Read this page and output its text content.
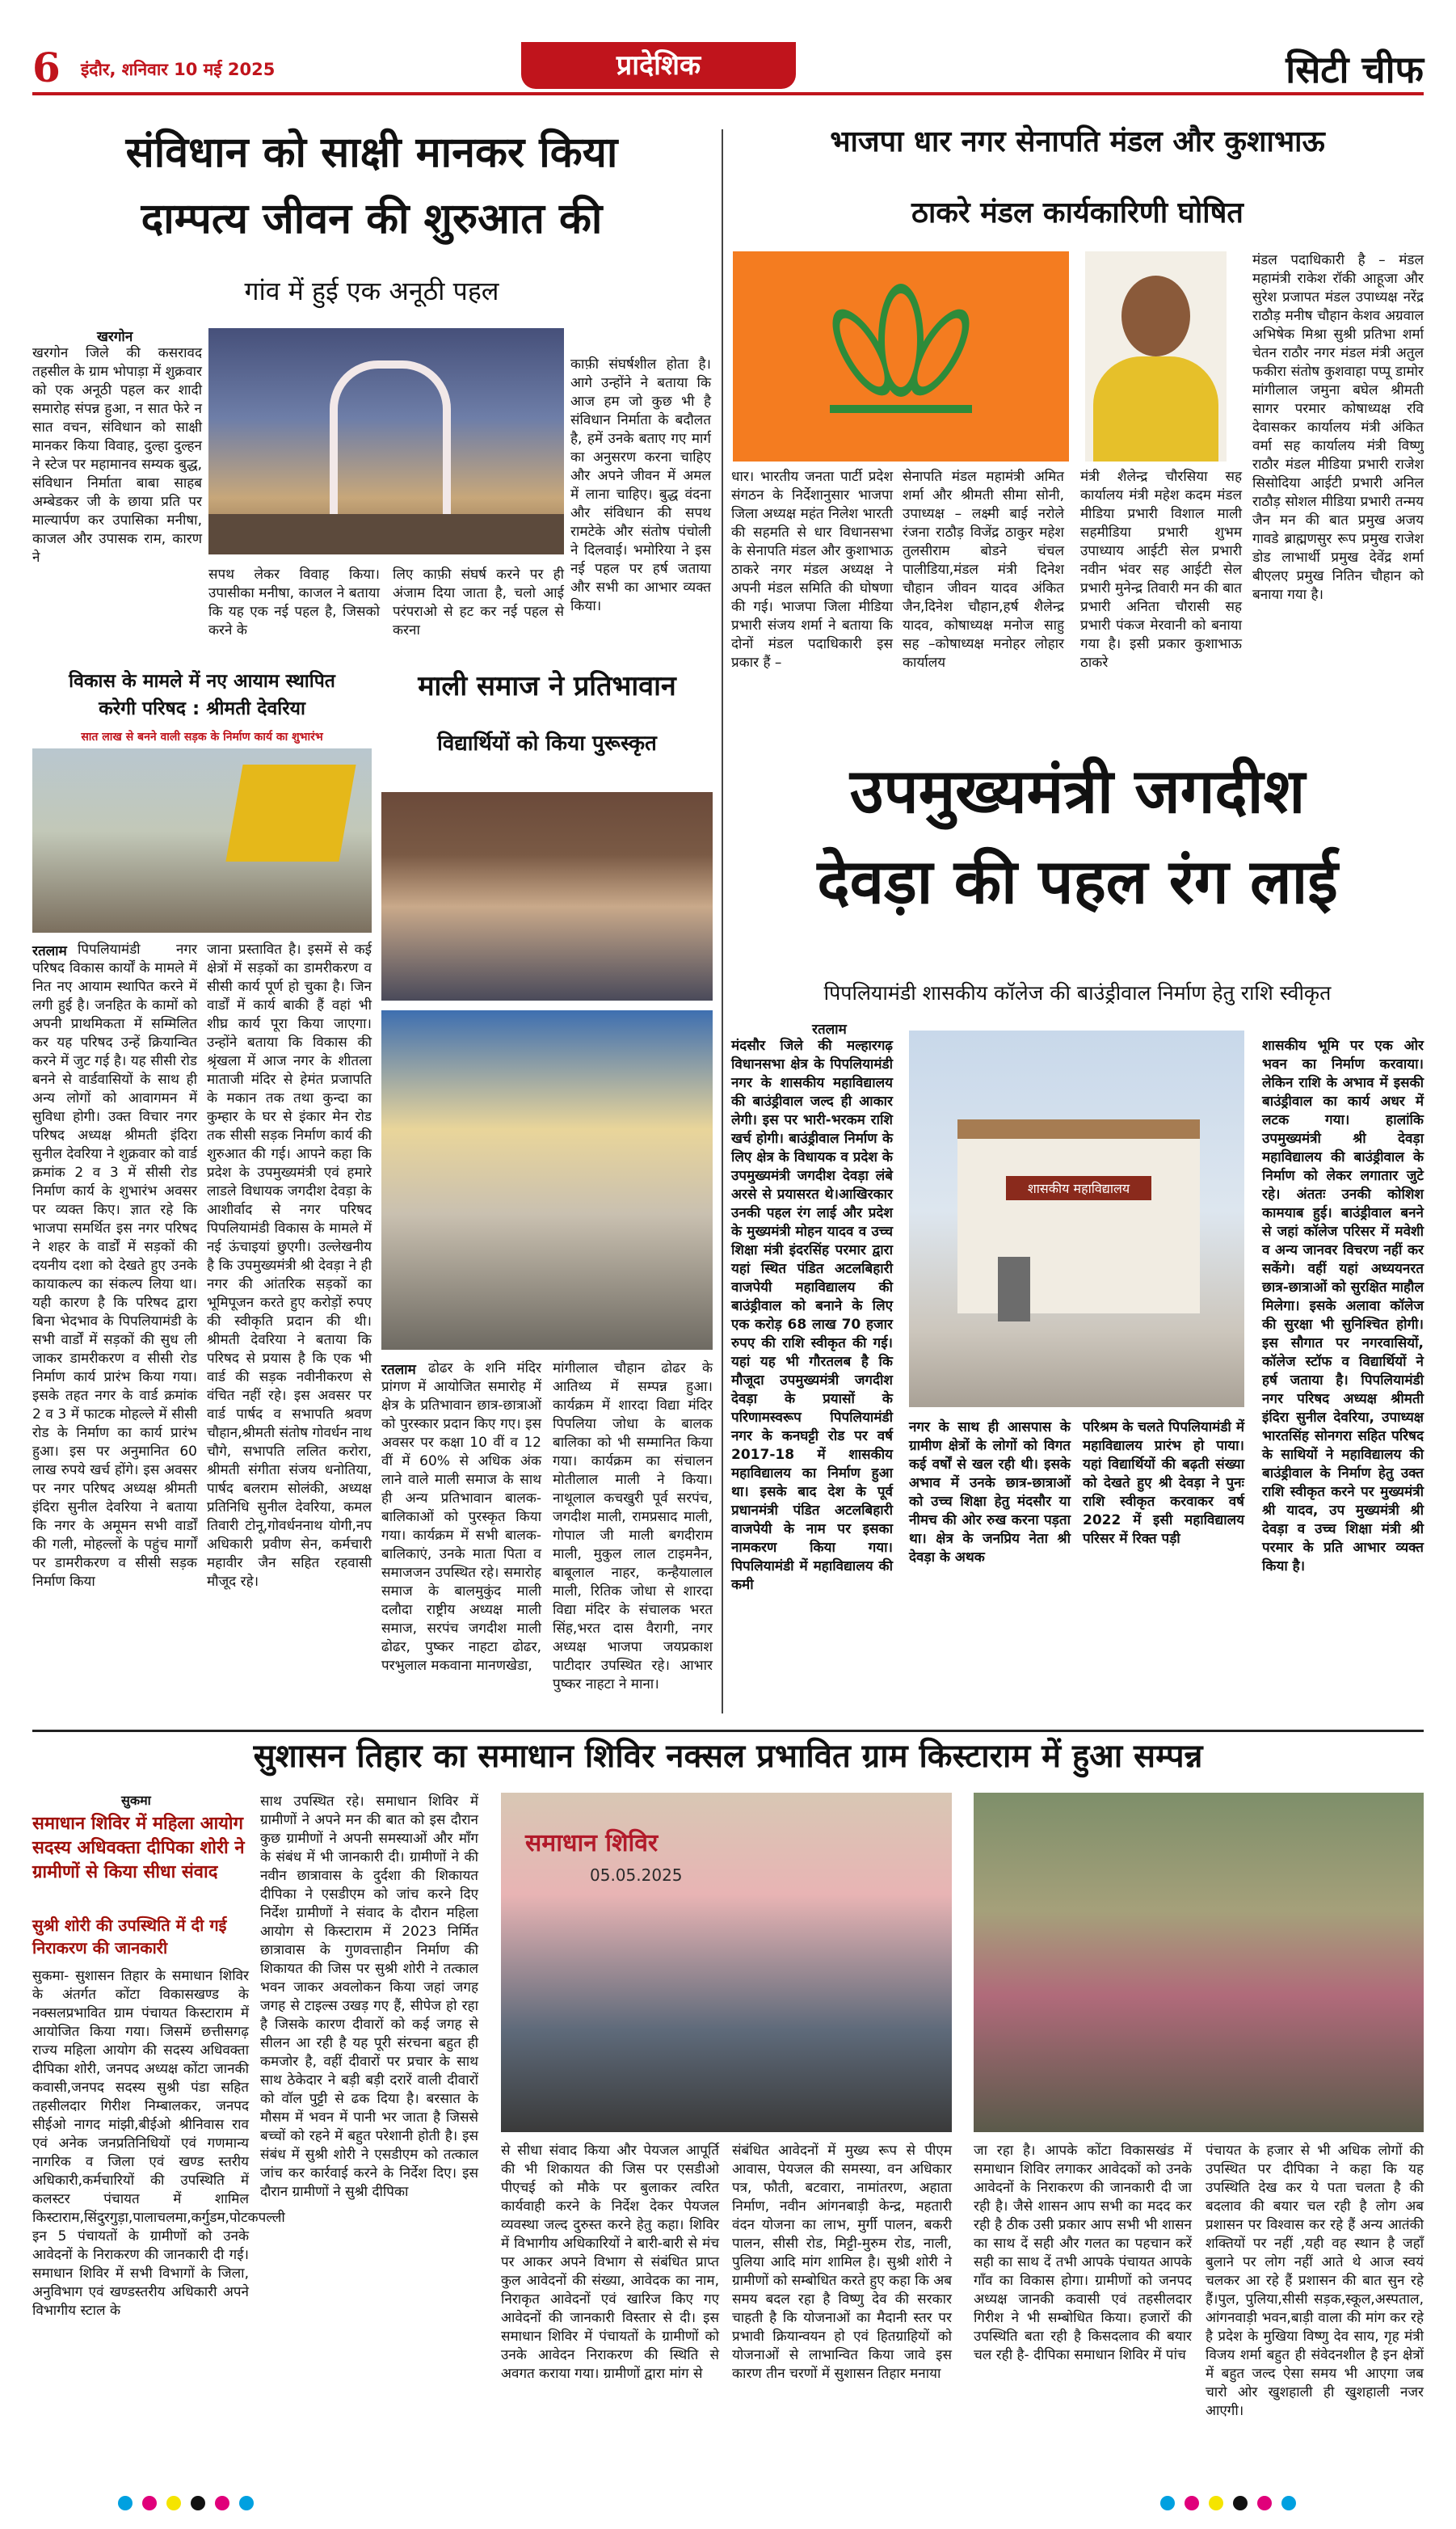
6 इंदौर, शनिवार 10 मई 2025	प्रादेशिक	सिटी चीफ
संविधान को साक्षी मानकर किया
दाम्पत्य जीवन की शुरुआत की
गांव में हुई एक अनूठी पहल
खरगोन
खरगोन जिले की कसरावद तहसील के ग्राम भोपाड़ा में शुक्रवार को एक अनूठी पहल कर शादी समारोह संपन्न हुआ, न सात फेरे न सात वचन, संविधान को साक्षी मानकर किया विवाह, दुल्हा दुल्हन ने स्टेज पर महामानव सम्यक बुद्ध, संविधान निर्माता बाबा साहब अम्बेडकर जी के छाया प्रति पर माल्यार्पण कर उपासिका मनीषा, काजल और उपासक राम, कारण ने
सपथ लेकर विवाह किया। उपासीका मनीषा, काजल ने बताया कि यह एक नई पहल है, जिसको करने के
लिए काफ़ी संघर्ष करने पर ही अंजाम दिया जाता है, चलो आई परंपराओ से हट कर नई पहल से करना
काफ़ी संघर्षशील होता है। आगे उन्होंने ने बताया कि आज हम जो कुछ भी है संविधान निर्माता के बदौलत है, हमें उनके बताए गए मार्ग का अनुसरण करना चाहिए और अपने जीवन में अमल में लाना चाहिए। बुद्ध वंदना और संविधान की सपथ रामटेके और संतोष पंचोली ने दिलवाई। भमोरिया ने इस नई पहल पर हर्ष जताया और सभी का आभार व्यक्त किया।
भाजपा धार नगर सेनापति मंडल और कुशाभाऊ
ठाकरे मंडल कार्यकारिणी घोषित
धार। भारतीय जनता पार्टी प्रदेश संगठन के निर्देशानुसार भाजपा जिला अध्यक्ष महंत निलेश भारती की सहमति से धार विधानसभा के सेनापति मंडल और कुशाभाऊ ठाकरे नगर मंडल अध्यक्ष ने अपनी मंडल समिति की घोषणा की गई। भाजपा जिला मीडिया प्रभारी संजय शर्मा ने बताया कि दोनों मंडल पदाधिकारी इस प्रकार हैं –
सेनापति मंडल महामंत्री अमित शर्मा और श्रीमती सीमा सोनी, उपाध्यक्ष – लक्ष्मी बाई नरोले रंजना राठौड़ विजेंद्र ठाकुर महेश तुलसीराम बोडने चंचल पालीडिया,मंडल मंत्री दिनेश चौहान जीवन यादव अंकित जैन,दिनेश चौहान,हर्ष शैलेन्द्र यादव, कोषाध्यक्ष मनोज साहु सह –कोषाध्यक्ष मनोहर लोहार कार्यालय
मंत्री शैलेन्द्र चौरसिया सह कार्यालय मंत्री महेश कदम मंडल मीडिया प्रभारी विशाल माली सहमीडिया प्रभारी शुभम उपाध्याय आईटी सेल प्रभारी नवीन भंवर सह आईटी सेल प्रभारी मुनेन्द्र तिवारी मन की बात प्रभारी अनिता चौरासी सह प्रभारी पंकज मेरवानी को बनाया गया है। इसी प्रकार कुशाभाऊ ठाकरे
मंडल पदाधिकारी है – मंडल महामंत्री राकेश रॉकी आहूजा और सुरेश प्रजापत मंडल उपाध्यक्ष नरेंद्र राठौड़ मनीष चौहान केशव अग्रवाल अभिषेक मिश्रा सुश्री प्रतिभा शर्मा चेतन राठौर नगर मंडल मंत्री अतुल फकीरा संतोष कुशवाहा पप्पू डामोर मांगीलाल जमुना बघेल श्रीमती सागर परमार कोषाध्यक्ष रवि देवासकर कार्यालय मंत्री अंकित वर्मा सह कार्यालय मंत्री विष्णु राठौर मंडल मीडिया प्रभारी राजेश सिसोदिया आईटी प्रभारी अनिल राठौड़ सोशल मीडिया प्रभारी तन्मय जैन मन की बात प्रमुख अजय गावडे ब्राह्मणसुर रूप प्रमुख राजेश डोड लाभार्थी प्रमुख देवेंद्र शर्मा बीएलए प्रमुख नितिन चौहान को बनाया गया है।
विकास के मामले में नए आयाम स्थापित
करेगी परिषद : श्रीमती देवरिया
सात लाख से बनने वाली सड़क के निर्माण कार्य का शुभारंभ
रतलाम पिपलियामंडी नगर परिषद विकास कार्यों के मामले में नित नए आयाम स्थापित करने में लगी हुई है। जनहित के कामों को अपनी प्राथमिकता में सम्मिलित कर यह परिषद उन्हें क्रियान्वित करने में जुट गई है। यह सीसी रोड बनने से वार्डवासियों के साथ ही अन्य लोगों को आवागमन में सुविधा होगी। उक्त विचार नगर परिषद अध्यक्ष श्रीमती इंदिरा सुनील देवरिया ने शुक्रवार को वार्ड क्रमांक 2 व 3 में सीसी रोड निर्माण कार्य के शुभारंभ अवसर पर व्यक्त किए। ज्ञात रहे कि भाजपा समर्थित इस नगर परिषद ने शहर के वार्डों में सड़कों की दयनीय दशा को देखते हुए उनके कायाकल्प का संकल्प लिया था। यही कारण है कि परिषद द्वारा बिना भेदभाव के पिपलियामंडी के सभी वार्डों में सड़कों की सुध ली जाकर डामरीकरण व सीसी रोड निर्माण कार्य प्रारंभ किया गया। इसके तहत नगर के वार्ड क्रमांक 2 व 3 में फाटक मोहल्ले में सीसी रोड के निर्माण का कार्य प्रारंभ हुआ। इस पर अनुमानित 60 लाख रुपये खर्च होंगे। इस अवसर पर नगर परिषद अध्यक्ष श्रीमती इंदिरा सुनील देवरिया ने बताया कि नगर के अमूमन सभी वार्डों की गली, मोहल्लों के पहुंच मार्गों पर डामरीकरण व सीसी सड़क निर्माण किया
जाना प्रस्तावित है। इसमें से कई क्षेत्रों में सड़कों का डामरीकरण व सीसी कार्य पूर्ण हो चुका है। जिन वार्डों में कार्य बाकी हैं वहां भी शीघ्र कार्य पूरा किया जाएगा। उन्होंने बताया कि विकास की श्रृंखला में आज नगर के शीतला माताजी मंदिर से हेमंत प्रजापति के मकान तक तथा कुन्दा का कुम्हार के घर से इंकार मेन रोड तक सीसी सड़क निर्माण कार्य की शुरुआत की गई। आपने कहा कि प्रदेश के उपमुख्यमंत्री एवं हमारे लाडले विधायक जगदीश देवड़ा के आशीर्वाद से नगर परिषद पिपलियामंडी विकास के मामले में नई ऊंचाइयां छुएगी। उल्लेखनीय है कि उपमुख्यमंत्री श्री देवड़ा ने ही नगर की आंतरिक सड़कों का भूमिपूजन करते हुए करोड़ों रुपए की स्वीकृति प्रदान की थी। श्रीमती देवरिया ने बताया कि परिषद से प्रयास है कि एक भी वार्ड की सड़क नवीनीकरण से वंचित नहीं रहे। इस अवसर पर वार्ड पार्षद व सभापति श्रवण चौहान,श्रीमती संतोष गोवर्धन नाथ चौगे, सभापति ललित करोरा, श्रीमती संगीता संजय धनोतिया, पार्षद बलराम सोलंकी, अध्यक्ष प्रतिनिधि सुनील देवरिया, कमल तिवारी टोनू,गोवर्धननाथ योगी,नप अधिकारी प्रवीण सेन, कर्मचारी महावीर जैन सहित रहवासी मौजूद रहे।
माली समाज ने प्रतिभावान
विद्यार्थियों को किया पुरूस्कृत
रतलाम ढोढर के शनि मंदिर प्रांगण में आयोजित समारोह में क्षेत्र के प्रतिभावान छात्र-छात्राओं को पुरस्कार प्रदान किए गए। इस अवसर पर कक्षा 10 वीं व 12 वीं में 60% से अधिक अंक लाने वाले माली समाज के साथ ही अन्य प्रतिभावान बालक-बालिकाओं को पुरस्कृत किया गया। कार्यक्रम में सभी बालक-बालिकाएं, उनके माता पिता व समाजजन उपस्थित रहे। समारोह समाज के बालमुकुंद माली दलौदा राष्ट्रीय अध्यक्ष माली समाज, सरपंच जगदीश माली ढोढर, पुष्कर नाहटा ढोढर, परभुलाल मकवाना मानणखेडा,
मांगीलाल चौहान ढोढर के आतिथ्य में सम्पन्न हुआ। कार्यक्रम में शारदा विद्या मंदिर पिपलिया जोधा के बालक बालिका को भी सम्मानित किया गया। कार्यक्रम का संचालन मोतीलाल माली ने किया। नाथूलाल कचखुरी पूर्व सरपंच, जगदीश माली, रामप्रसाद माली, गोपाल जी माली बगदीराम माली, मुकुल लाल टाइमनैन, बाबूलाल नाहर, कन्हैयालाल माली, रितिक जोधा से शारदा विद्या मंदिर के संचालक भरत सिंह,भरत दास वैरागी, नगर अध्यक्ष भाजपा जयप्रकाश पाटीदार उपस्थित रहे। आभार पुष्कर नाहटा ने माना।
उपमुख्यमंत्री जगदीश
देवड़ा की पहल रंग लाई
पिपलियामंडी शासकीय कॉलेज की बाउंड्रीवाल निर्माण हेतु राशि स्वीकृत
रतलाम
मंदसौर जिले की मल्हारगढ़ विधानसभा क्षेत्र के पिपलियामंडी नगर के शासकीय महाविद्यालय की बाउंड्रीवाल जल्द ही आकार लेगी। इस पर भारी-भरकम राशि खर्च होगी। बाउंड्रीवाल निर्माण के लिए क्षेत्र के विधायक व प्रदेश के उपमुख्यमंत्री जगदीश देवड़ा लंबे अरसे से प्रयासरत थे।आखिरकार उनकी पहल रंग लाई और प्रदेश के मुख्यमंत्री मोहन यादव व उच्च शिक्षा मंत्री इंदरसिंह परमार द्वारा यहां स्थित पंडित अटलबिहारी वाजपेयी महाविद्यालय की बाउंड्रीवाल को बनाने के लिए एक करोड़ 68 लाख 70 हजार रुपए की राशि स्वीकृत की गई। यहां यह भी गौरतलब है कि मौजूदा उपमुख्यमंत्री जगदीश देवड़ा के प्रयासों के परिणामस्वरूप पिपलियामंडी नगर के कनघट्टी रोड पर वर्ष 2017-18 में शासकीय महाविद्यालय का निर्माण हुआ था। इसके बाद देश के पूर्व प्रधानमंत्री पंडित अटलबिहारी वाजपेयी के नाम पर इसका नामकरण किया गया। पिपलियामंडी में महाविद्यालय की कमी
शासकीय महाविद्यालय
नगर के साथ ही आसपास के ग्रामीण क्षेत्रों के लोगों को विगत कई वर्षों से खल रही थी। इसके अभाव में उनके छात्र-छात्राओं को उच्च शिक्षा हेतु मंदसौर या नीमच की ओर रुख करना पड़ता था। क्षेत्र के जनप्रिय नेता श्री देवड़ा के अथक
परिश्रम के चलते पिपलियामंडी में महाविद्यालय प्रारंभ हो पाया। यहां विद्यार्थियों की बढ़ती संख्या को देखते हुए श्री देवड़ा ने पुनः राशि स्वीकृत करवाकर वर्ष 2022 में इसी महाविद्यालय परिसर में रिक्त पड़ी
शासकीय भूमि पर एक ओर भवन का निर्माण करवाया। लेकिन राशि के अभाव में इसकी बाउंड्रीवाल का कार्य अधर में लटक गया। हालांकि उपमुख्यमंत्री श्री देवड़ा महाविद्यालय की बाउंड्रीवाल के निर्माण को लेकर लगातार जुटे रहे। अंततः उनकी कोशिश कामयाब हुई। बाउंड्रीवाल बनने से जहां कॉलेज परिसर में मवेशी व अन्य जानवर विचरण नहीं कर सकेंगे। वहीं यहां अध्ययनरत छात्र-छात्राओं को सुरक्षित माहौल मिलेगा। इसके अलावा कॉलेज की सुरक्षा भी सुनिश्चित होगी। इस सौगात पर नगरवासियों, कॉलेज स्टॉफ व विद्यार्थियों ने हर्ष जताया है। पिपलियामंडी नगर परिषद अध्यक्ष श्रीमती इंदिरा सुनील देवरिया, उपाध्यक्ष भारतसिंह सोनगरा सहित परिषद के साथियों ने महाविद्यालय की बाउंड्रीवाल के निर्माण हेतु उक्त राशि स्वीकृत करने पर मुख्यमंत्री श्री यादव, उप मुख्यमंत्री श्री देवड़ा व उच्च शिक्षा मंत्री श्री परमार के प्रति आभार व्यक्त किया है।
सुशासन तिहार का समाधान शिविर नक्सल प्रभावित ग्राम किस्टाराम में हुआ सम्पन्न
सुकमा
समाधान शिविर में महिला आयोग सदस्य अधिवक्ता दीपिका शोरी ने ग्रामीणों से किया सीधा संवाद
सुश्री शोरी की उपस्थिति में दी गई निराकरण की जानकारी
सुकमा- सुशासन तिहार के समाधान शिविर के अंतर्गत कोंटा विकासखण्ड के नक्सलप्रभावित ग्राम पंचायत किस्टाराम में आयोजित किया गया। जिसमें छत्तीसगढ़ राज्य महिला आयोग की सदस्य अधिवक्ता दीपिका शोरी, जनपद अध्यक्ष कोंटा जानकी कवासी,जनपद सदस्य सुश्री पंडा सहित तहसीलदार गिरीश निम्बालकर, जनपद सीईओ नागद मांझी,बीईओ श्रीनिवास राव एवं अनेक जनप्रतिनिधियों एवं गणमान्य नागरिक व जिला एवं खण्ड स्तरीय अधिकारी,कर्मचारियों की उपस्थिति में कलस्टर पंचायत में शामिल किस्टाराम,सिंदुरगुड़ा,पालाचलमा,कर्गुडम,पोटकपल्ली इन 5 पंचायतों के ग्रामीणों को उनके आवेदनों के निराकरण की जानकारी दी गई। समाधान शिविर में सभी विभागों के जिला, अनुविभाग एवं खण्डस्तरीय अधिकारी अपने विभागीय स्टाल के
साथ उपस्थित रहे। समाधान शिविर में ग्रामीणों ने अपने मन की बात को इस दौरान कुछ ग्रामीणों ने अपनी समस्याओं और माँग के संबंध में भी जानकारी दी। ग्रामीणों ने की नवीन छात्रावास के दुर्दशा की शिकायत दीपिका ने एसडीएम को जांच करने दिए निर्देश ग्रामीणों ने संवाद के दौरान महिला आयोग से किस्टाराम में 2023 निर्मित छात्रावास के गुणवत्ताहीन निर्माण की शिकायत की जिस पर सुश्री शोरी ने तत्काल भवन जाकर अवलोकन किया जहां जगह जगह से टाइल्स उखड़ गए हैं, सीपेज हो रहा है जिसके कारण दीवारों को कई जगह से सीलन आ रही है यह पूरी संरचना बहुत ही कमजोर है, वहीं दीवारों पर प्रचार के साथ साथ ठेकेदार ने बड़ी बड़ी दरारें वाली दीवारों को वॉल पुट्टी से ढक दिया है। बरसात के मौसम में भवन में पानी भर जाता है जिससे बच्चों को रहने में बहुत परेशानी होती है। इस संबंध में सुश्री शोरी ने एसडीएम को तत्काल जांच कर कार्रवाई करने के निर्देश दिए। इस दौरान ग्रामीणों ने सुश्री दीपिका
समाधान शिविर
05.05.2025
से सीधा संवाद किया और पेयजल आपूर्ति की भी शिकायत की जिस पर एसडीओ पीएचई को मौके पर बुलाकर त्वरित कार्यवाही करने के निर्देश देकर पेयजल व्यवस्था जल्द दुरुस्त करने हेतु कहा। शिविर में विभागीय अधिकारियों ने बारी-बारी से मंच पर आकर अपने विभाग से संबंधित प्राप्त कुल आवेदनों की संख्या, आवेदक का नाम, निराकृत आवेदनों एवं खारिज किए गए आवेदनों की जानकारी विस्तार से दी। इस समाधान शिविर में पंचायतों के ग्रामीणों को उनके आवेदन निराकरण की स्थिति से अवगत कराया गया। ग्रामीणों द्वारा मांग से
संबंधित आवेदनों में मुख्य रूप से पीएम आवास, पेयजल की समस्या, वन अधिकार पत्र, फौती, बटवारा, नामांतरण, अहाता निर्माण, नवीन आंगनबाड़ी केन्द्र, महतारी वंदन योजना का लाभ, मुर्गी पालन, बकरी पालन, सीसी रोड, मिट्टी-मुरुम रोड, नाली, पुलिया आदि मांग शामिल है। सुश्री शोरी ने ग्रामीणों को सम्बोधित करते हुए कहा कि अब समय बदल रहा है विष्णु देव की सरकार चाहती है कि योजनाओं का मैदानी स्तर पर प्रभावी क्रियान्वयन हो एवं हितग्राहियों को योजनाओं से लाभान्वित किया जावे इस कारण तीन चरणों में सुशासन तिहार मनाया
जा रहा है। आपके कोंटा विकासखंड में समाधान शिविर लगाकर आवेदकों को उनके आवेदनों के निराकरण की जानकारी दी जा रही है। जैसे शासन आप सभी का मदद कर रही है ठीक उसी प्रकार आप सभी भी शासन का साथ दें सही और गलत का पहचान करें सही का साथ दें तभी आपके पंचायत आपके गाँव का विकास होगा। ग्रामीणों को जनपद अध्यक्ष जानकी कवासी एवं तहसीलदार गिरीश ने भी सम्बोधित किया। हजारों की उपस्थिति बता रही है किसदलाव की बयार चल रही है- दीपिका समाधान शिविर में पांच
पंचायत के हजार से भी अधिक लोगों की उपस्थित पर दीपिका ने कहा कि यह उपस्थिति देख कर ये पता चलता है की बदलाव की बयार चल रही है लोग अब प्रशासन पर विश्वास कर रहे हैं अन्य आतंकी शक्तियों पर नहीं ,यही वह स्थान है जहाँ बुलाने पर लोग नहीं आते थे आज स्वयं चलकर आ रहे हैं प्रशासन की बात सुन रहे हैं।पुल, पुलिया,सीसी सड़क,स्कूल,अस्पताल, आंगनवाड़ी भवन,बाड़ी वाला की मांग कर रहे है प्रदेश के मुखिया विष्णु देव साय, गृह मंत्री विजय शर्मा बहुत ही संवेदनशील है इन क्षेत्रों में बहुत जल्द ऐसा समय भी आएगा जब चारो ओर खुशहाली ही खुशहाली नजर आएगी।
